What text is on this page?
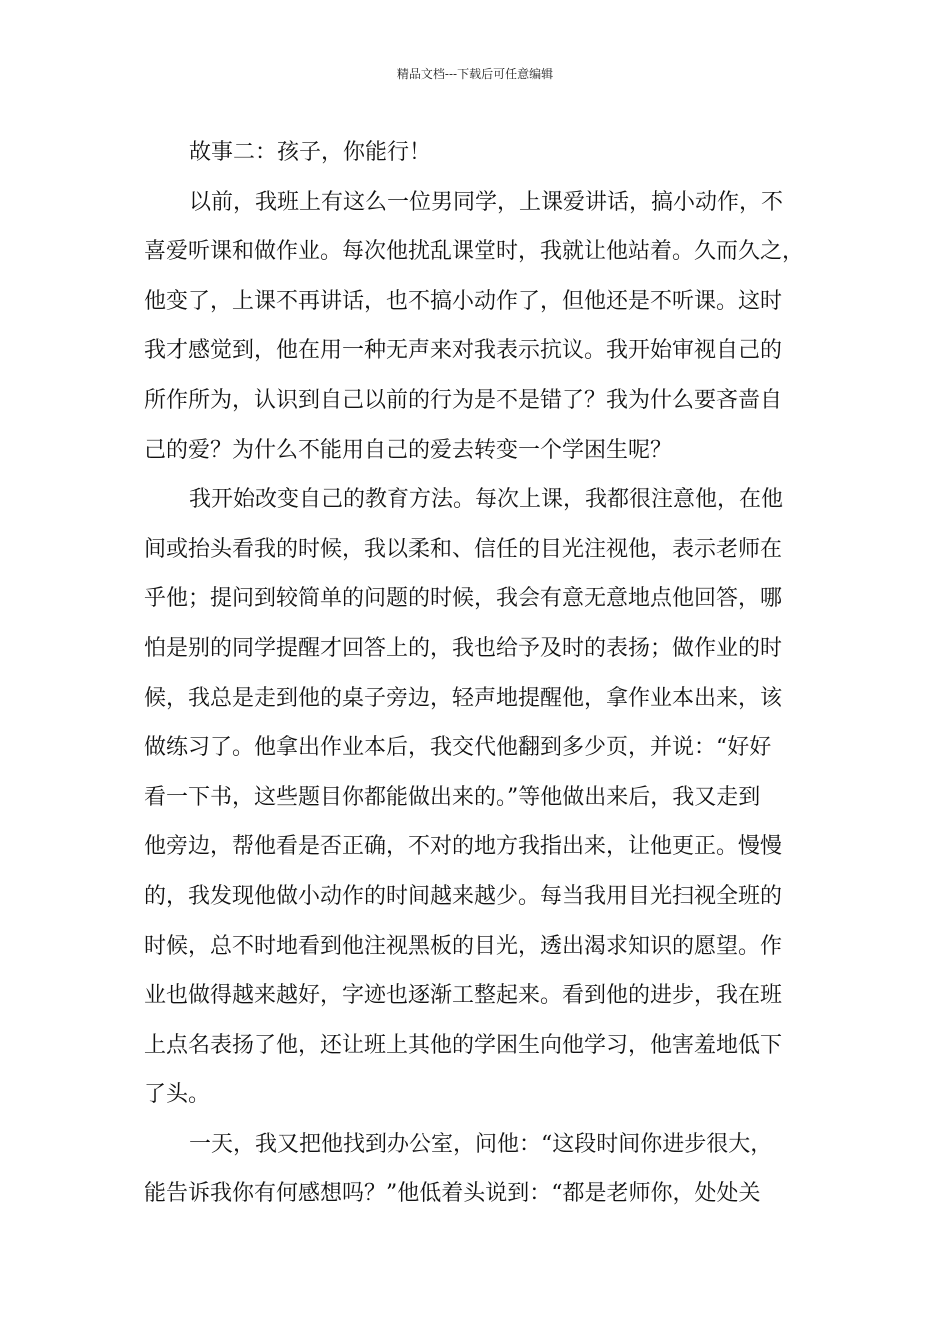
精品文档---下载后可任意编辑
故事二：孩子，你能行！
以前，我班上有这么一位男同学，上课爱讲话，搞小动作，不
喜爱听课和做作业。每次他扰乱课堂时，我就让他站着。久而久之，
他变了，上课不再讲话，也不搞小动作了，但他还是不听课。这时
我才感觉到，他在用一种无声来对我表示抗议。我开始审视自己的
所作所为，认识到自己以前的行为是不是错了？我为什么要吝啬自
己的爱？为什么不能用自己的爱去转变一个学困生呢？
我开始改变自己的教育方法。每次上课，我都很注意他，在他
间或抬头看我的时候，我以柔和、信任的目光注视他，表示老师在
乎他；提问到较简单的问题的时候，我会有意无意地点他回答，哪
怕是别的同学提醒才回答上的，我也给予及时的表扬；做作业的时
候，我总是走到他的桌子旁边，轻声地提醒他，拿作业本出来，该
做练习了。他拿出作业本后，我交代他翻到多少页，并说：“好好
看一下书，这些题目你都能做出来的。”等他做出来后，我又走到
他旁边，帮他看是否正确，不对的地方我指出来，让他更正。慢慢
的，我发现他做小动作的时间越来越少。每当我用目光扫视全班的
时候，总不时地看到他注视黑板的目光，透出渴求知识的愿望。作
业也做得越来越好，字迹也逐渐工整起来。看到他的进步，我在班
上点名表扬了他，还让班上其他的学困生向他学习，他害羞地低下
了头。
一天，我又把他找到办公室，问他：“这段时间你进步很大，
能告诉我你有何感想吗？”他低着头说到：“都是老师你，处处关
